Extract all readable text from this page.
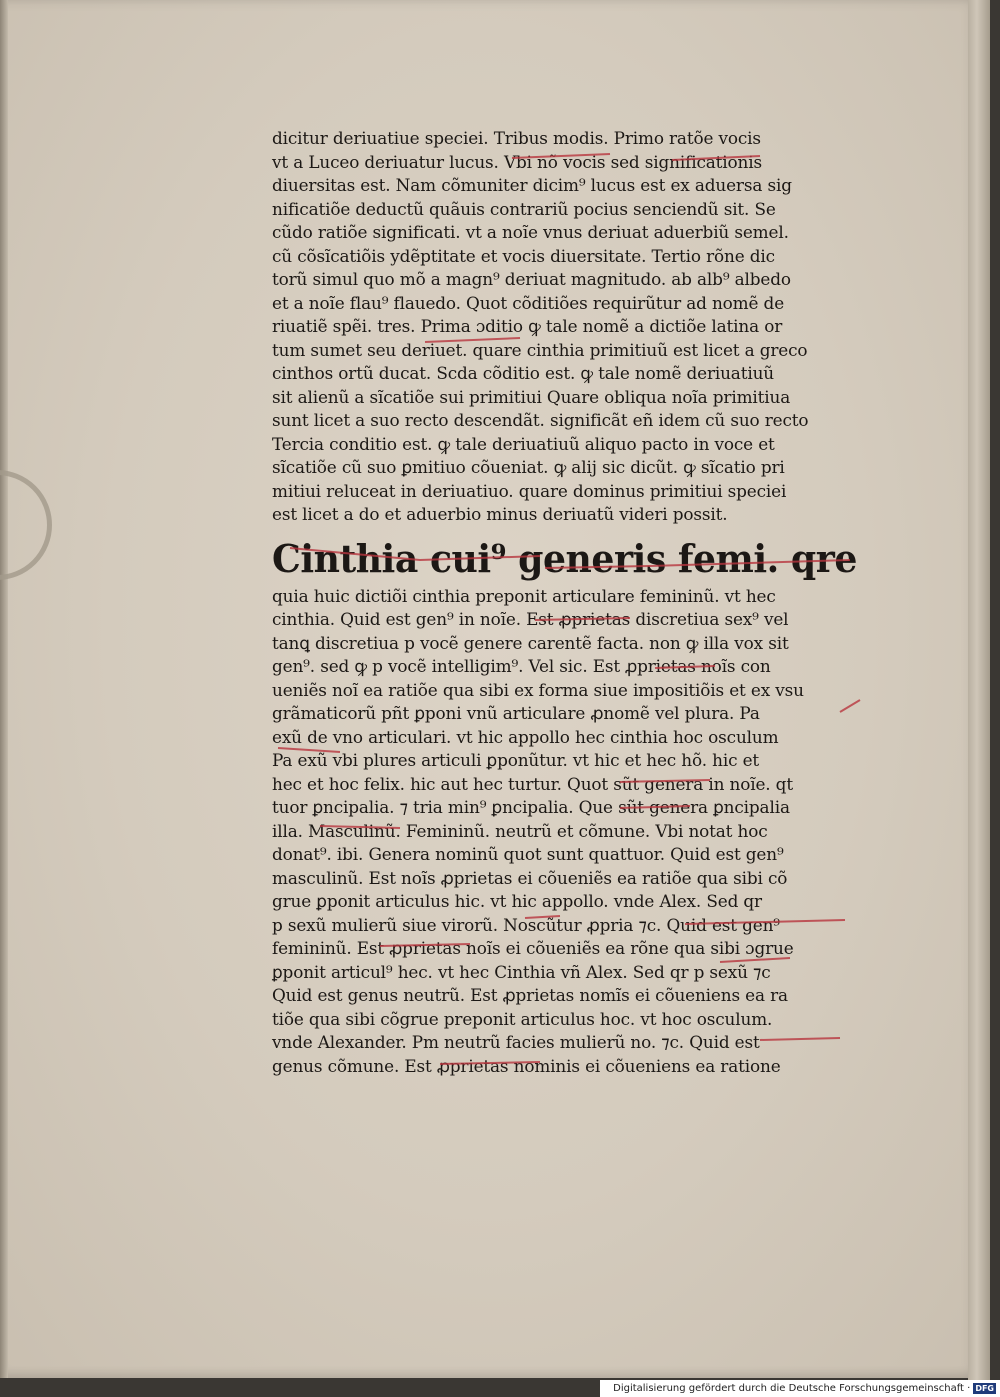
dicitur deriuatiue speciei. Tribus modis. Primo ratõe vocis
vt a Luceo deriuatur lucus. Vbi nõ vocis sed significationis
diuersitas est. Nam cõmuniter dicim⁹ lucus est ex aduersa sig
nificatiõe deductũ quãuis contrariũ pocius senciendũ sit. Se
cũdo ratiõe significati. vt a noĩe vnus deriuat aduerbiũ semel.
cũ cõsĩcatiõis ydẽptitate et vocis diuersitate. Tertio rõne dic
torũ simul quo mõ a magn⁹ deriuat magnitudo. ab alb⁹ albedo
et a noĩe flau⁹ flauedo. Quot cõditiões requirũtur ad nomẽ de
riuatiẽ spẽi. tres. Prima ɔditio ꝙ tale nomẽ a dictiõe latina or
tum sumet seu deriuet. quare cinthia primitiuũ est licet a greco
cinthos ortũ ducat. Scda cõditio est. ꝙ tale nomẽ deriuatiuũ
sit alienũ a sĩcatiõe sui primitiui Quare obliqua noĩa primitiua
sunt licet a suo recto descendãt. significãt eñ idem cũ suo recto
Tercia conditio est. ꝙ tale deriuatiuũ aliquo pacto in voce et
sĩcatiõe cũ suo ꝑmitiuo cõueniat. ꝙ alij sic dicũt. ꝙ sĩcatio pri
mitiui reluceat in deriuatiuo. quare dominus primitiui speciei
est licet a do et aduerbio minus deriuatũ videri possit.
Cinthia cui⁹ generis femi. qre
quia huic dictiõi cinthia preponit articulare femininũ. vt hec
cinthia. Quid est gen⁹ in noĩe. Est ꝓprietas discretiua sex⁹ vel
tanꝗ discretiua p vocẽ genere carentẽ facta. non ꝙ illa vox sit
gen⁹. sed ꝙ p vocẽ intelligim⁹. Vel sic. Est ꝓprietas noĩs con
ueniẽs noĩ ea ratiõe qua sibi ex forma siue impositiõis et ex vsu
grãmaticorũ pñt ꝑponi vnũ articulare ꝓnomẽ vel plura. Pa
exũ de vno articulari. vt hic appollo hec cinthia hoc osculum
Pa exũ vbi plures articuli ꝑponũtur. vt hic et hec hõ. hic et
hec et hoc felix. hic aut hec turtur. Quot sũt genera in noĩe. qt
tuor ꝑncipalia. ⁊ tria min⁹ ꝑncipalia. Que sũt genera ꝑncipalia
illa. Masculinũ. Femininũ. neutrũ et cõmune. Vbi notat hoc
donat⁹. ibi. Genera nominũ quot sunt quattuor. Quid est gen⁹
masculinũ. Est noĩs ꝓprietas ei cõueniẽs ea ratiõe qua sibi cõ
grue ꝑponit articulus hic. vt hic appollo. vnde Alex. Sed qr
p sexũ mulierũ siue virorũ. Noscũtur ꝓpria ⁊c. Quid est gen⁹
femininũ. Est ꝓprietas noĩs ei cõueniẽs ea rõne qua sibi ɔgrue
ꝑponit articul⁹ hec. vt hec Cinthia vñ Alex. Sed qr p sexũ ⁊c
Quid est genus neutrũ. Est ꝓprietas nomĩs ei cõueniens ea ra
tiõe qua sibi cõgrue preponit articulus hoc. vt hoc osculum.
vnde Alexander. Pm neutrũ facies mulierũ no. ⁊c. Quid est
genus cõmune. Est ꝓprietas nominis ei cõueniens ea ratione
Digitalisierung gefördert durch die Deutsche Forschungsgemeinschaft · DFG
